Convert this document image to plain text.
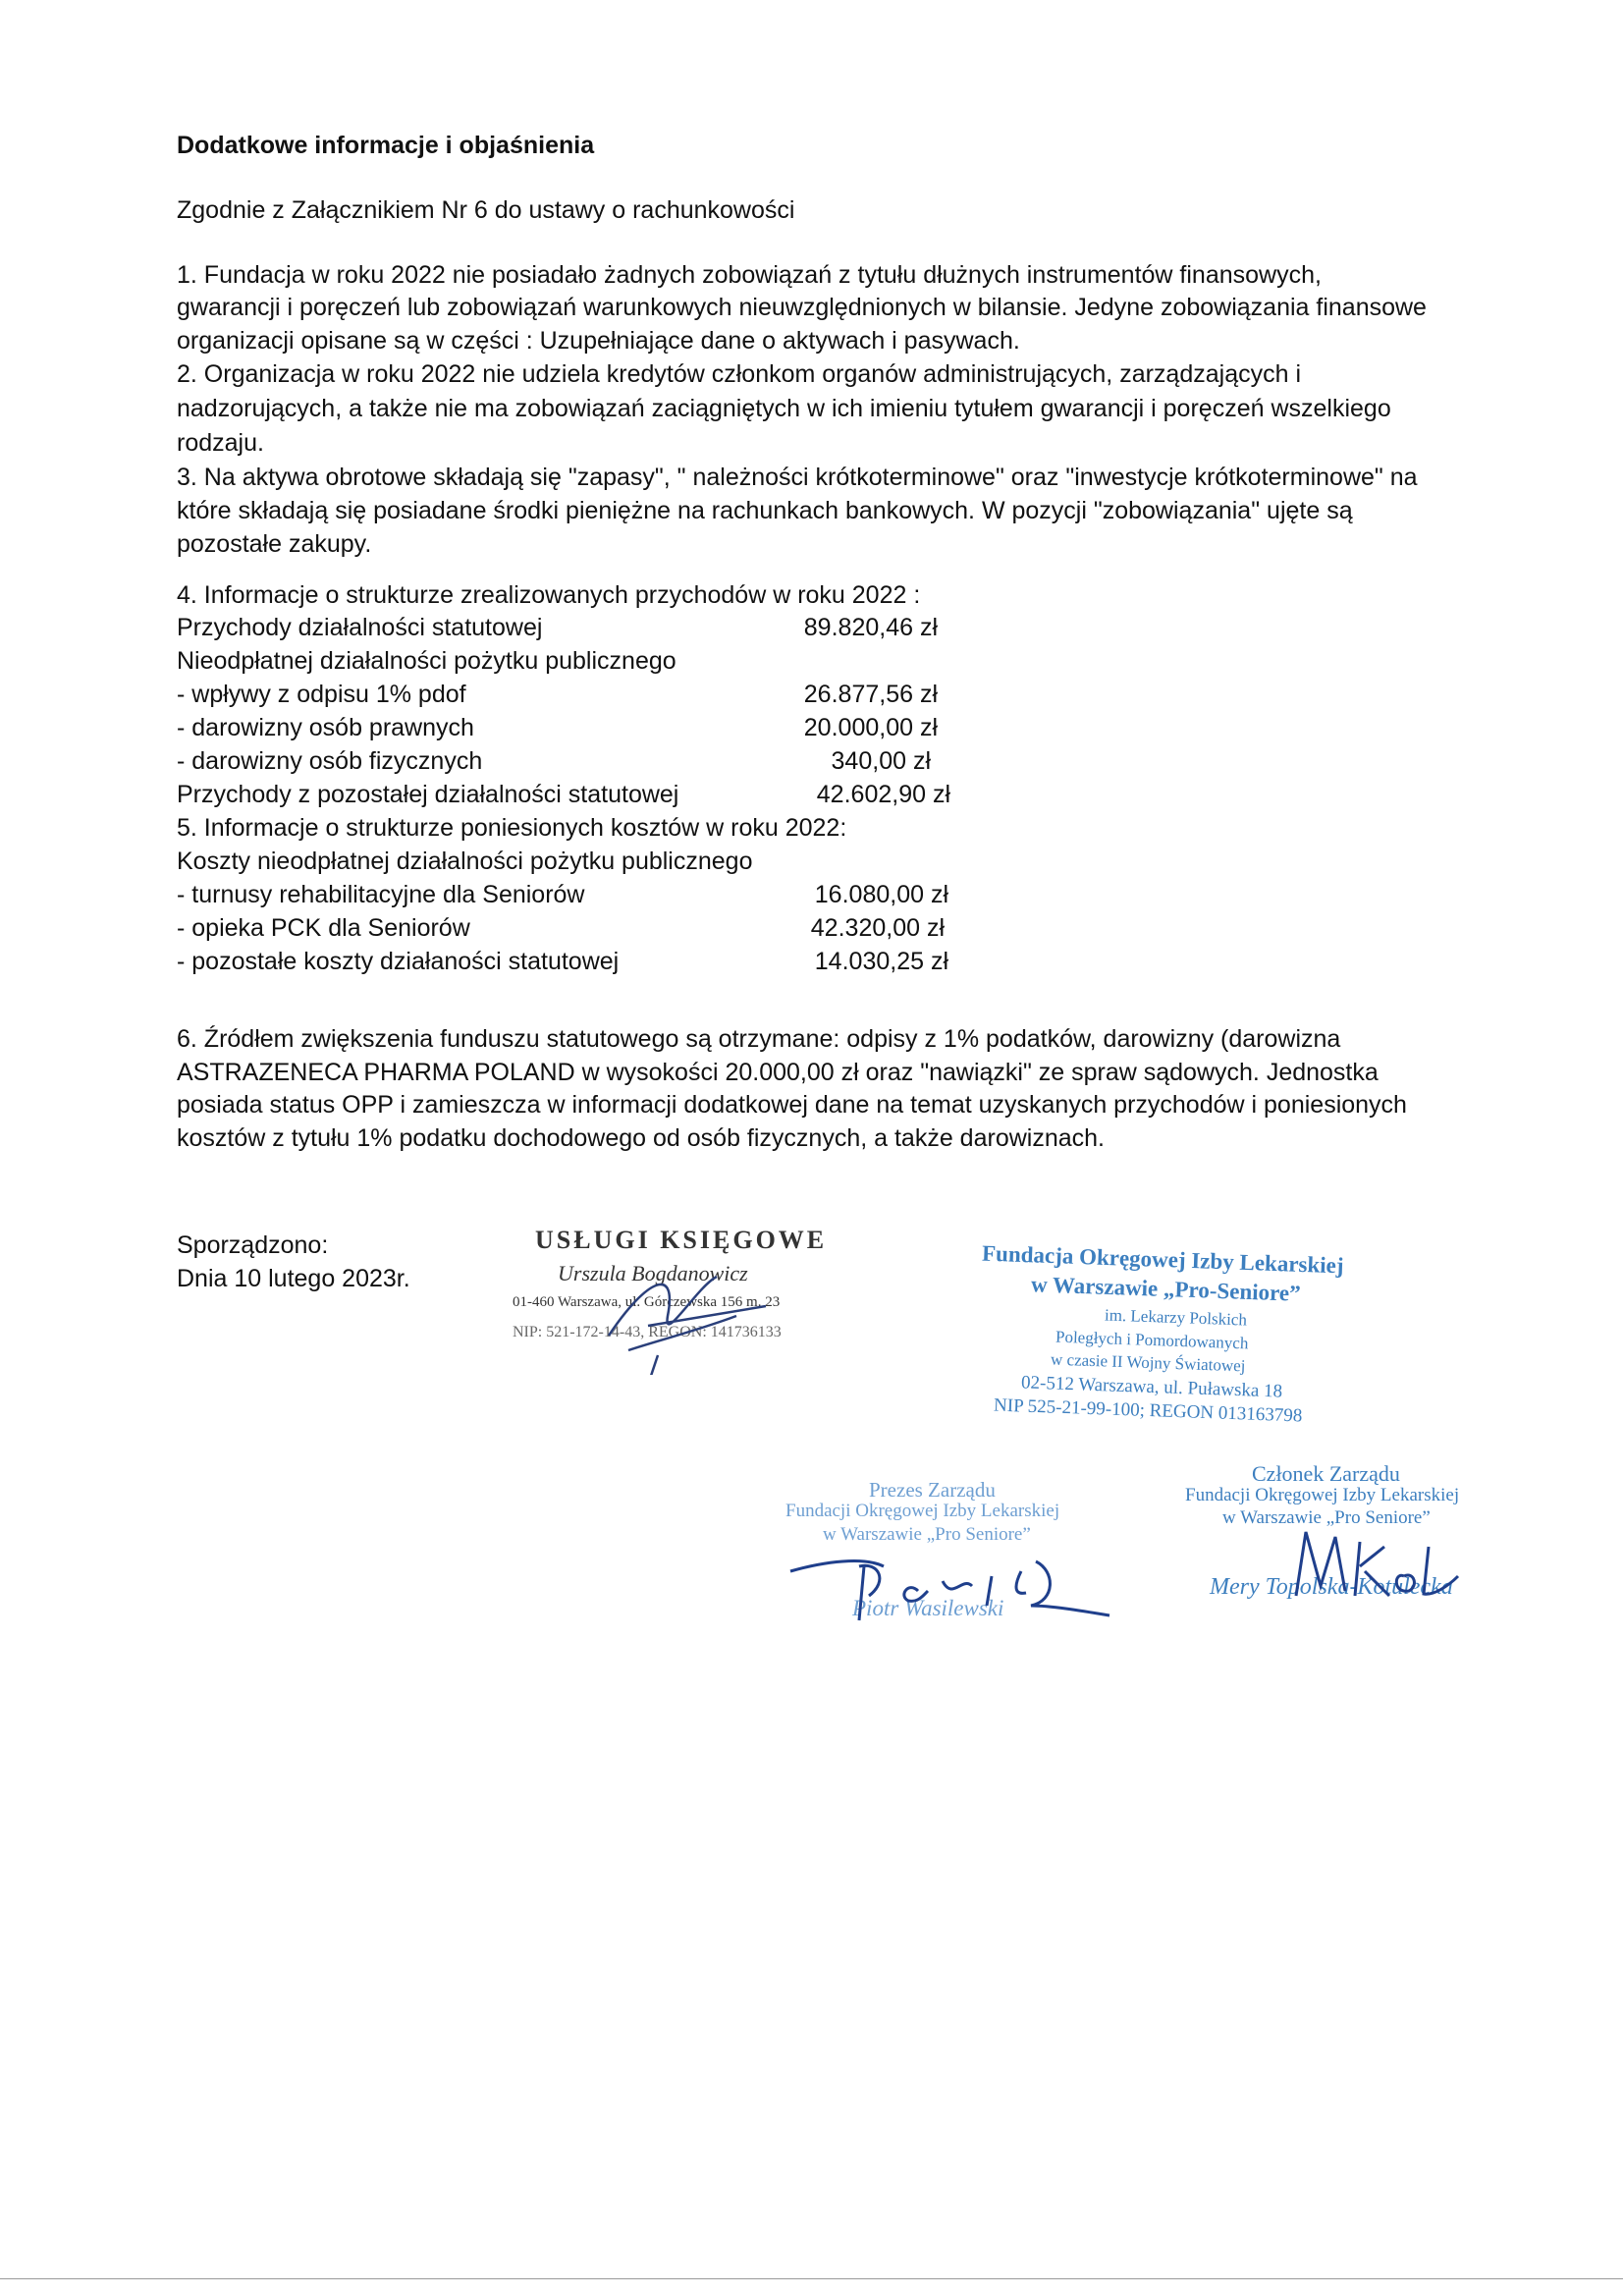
Dodatkowe informacje i objaśnienia
Zgodnie z Załącznikiem Nr 6 do ustawy o rachunkowości
1. Fundacja w roku 2022 nie posiadało żadnych zobowiązań z tytułu dłużnych instrumentów finansowych,
gwarancji i poręczeń lub zobowiązań warunkowych nieuwzględnionych w bilansie. Jedyne zobowiązania finansowe
organizacji opisane są w części : Uzupełniające dane o aktywach i pasywach.
2. Organizacja w roku 2022 nie udziela kredytów członkom organów administrujących, zarządzających i
nadzorujących, a także nie ma zobowiązań zaciągniętych w ich imieniu tytułem gwarancji i poręczeń wszelkiego
rodzaju.
3. Na aktywa obrotowe składają się "zapasy", " należności krótkoterminowe" oraz "inwestycje krótkoterminowe" na
które składają się posiadane środki pieniężne na rachunkach bankowych. W pozycji "zobowiązania" ujęte są
pozostałe zakupy.
4. Informacje o strukturze zrealizowanych przychodów w roku 2022 :
Przychody działalności statutowej	89.820,46 zł
Nieodpłatnej działalności pożytku publicznego
- wpływy z odpisu 1% pdof	26.877,56 zł
- darowizny osób prawnych	20.000,00 zł
- darowizny osób fizycznych	340,00 zł
Przychody z pozostałej działalności statutowej	42.602,90 zł
5. Informacje o strukturze poniesionych kosztów w roku 2022:
Koszty nieodpłatnej działalności pożytku publicznego
- turnusy rehabilitacyjne dla Seniorów	16.080,00 zł
- opieka PCK dla Seniorów	42.320,00 zł
- pozostałe koszty działaności statutowej	14.030,25 zł
6. Źródłem zwiększenia funduszu statutowego są otrzymane: odpisy z 1% podatków, darowizny (darowizna
ASTRAZENECA PHARMA POLAND w wysokości 20.000,00 zł oraz "nawiązki" ze spraw sądowych. Jednostka
posiada status OPP i zamieszcza w informacji dodatkowej dane na temat uzyskanych przychodów i poniesionych
kosztów z tytułu 1% podatku dochodowego od osób fizycznych, a także darowiznach.
Sporządzono:
Dnia 10 lutego 2023r.
USŁUGI KSIĘGOWE
Urszula Bogdanowicz
01-460 Warszawa, ul. Górczewska 156 m. 23
NIP: 521-172-14-43, REGON: 141736133
Fundacja Okręgowej Izby Lekarskiej
w Warszawie „Pro-Seniore”
im. Lekarzy Polskich
Poległych i Pomordowanych
w czasie II Wojny Światowej
02-512 Warszawa, ul. Puławska 18
NIP 525-21-99-100; REGON 013163798
Prezes Zarządu
Fundacji Okręgowej Izby Lekarskiej
w Warszawie „Pro Seniore”
Piotr Wasilewski
Członek Zarządu
Fundacji Okręgowej Izby Lekarskiej
w Warszawie „Pro Seniore”
Mery Topolska-Kotulecka
